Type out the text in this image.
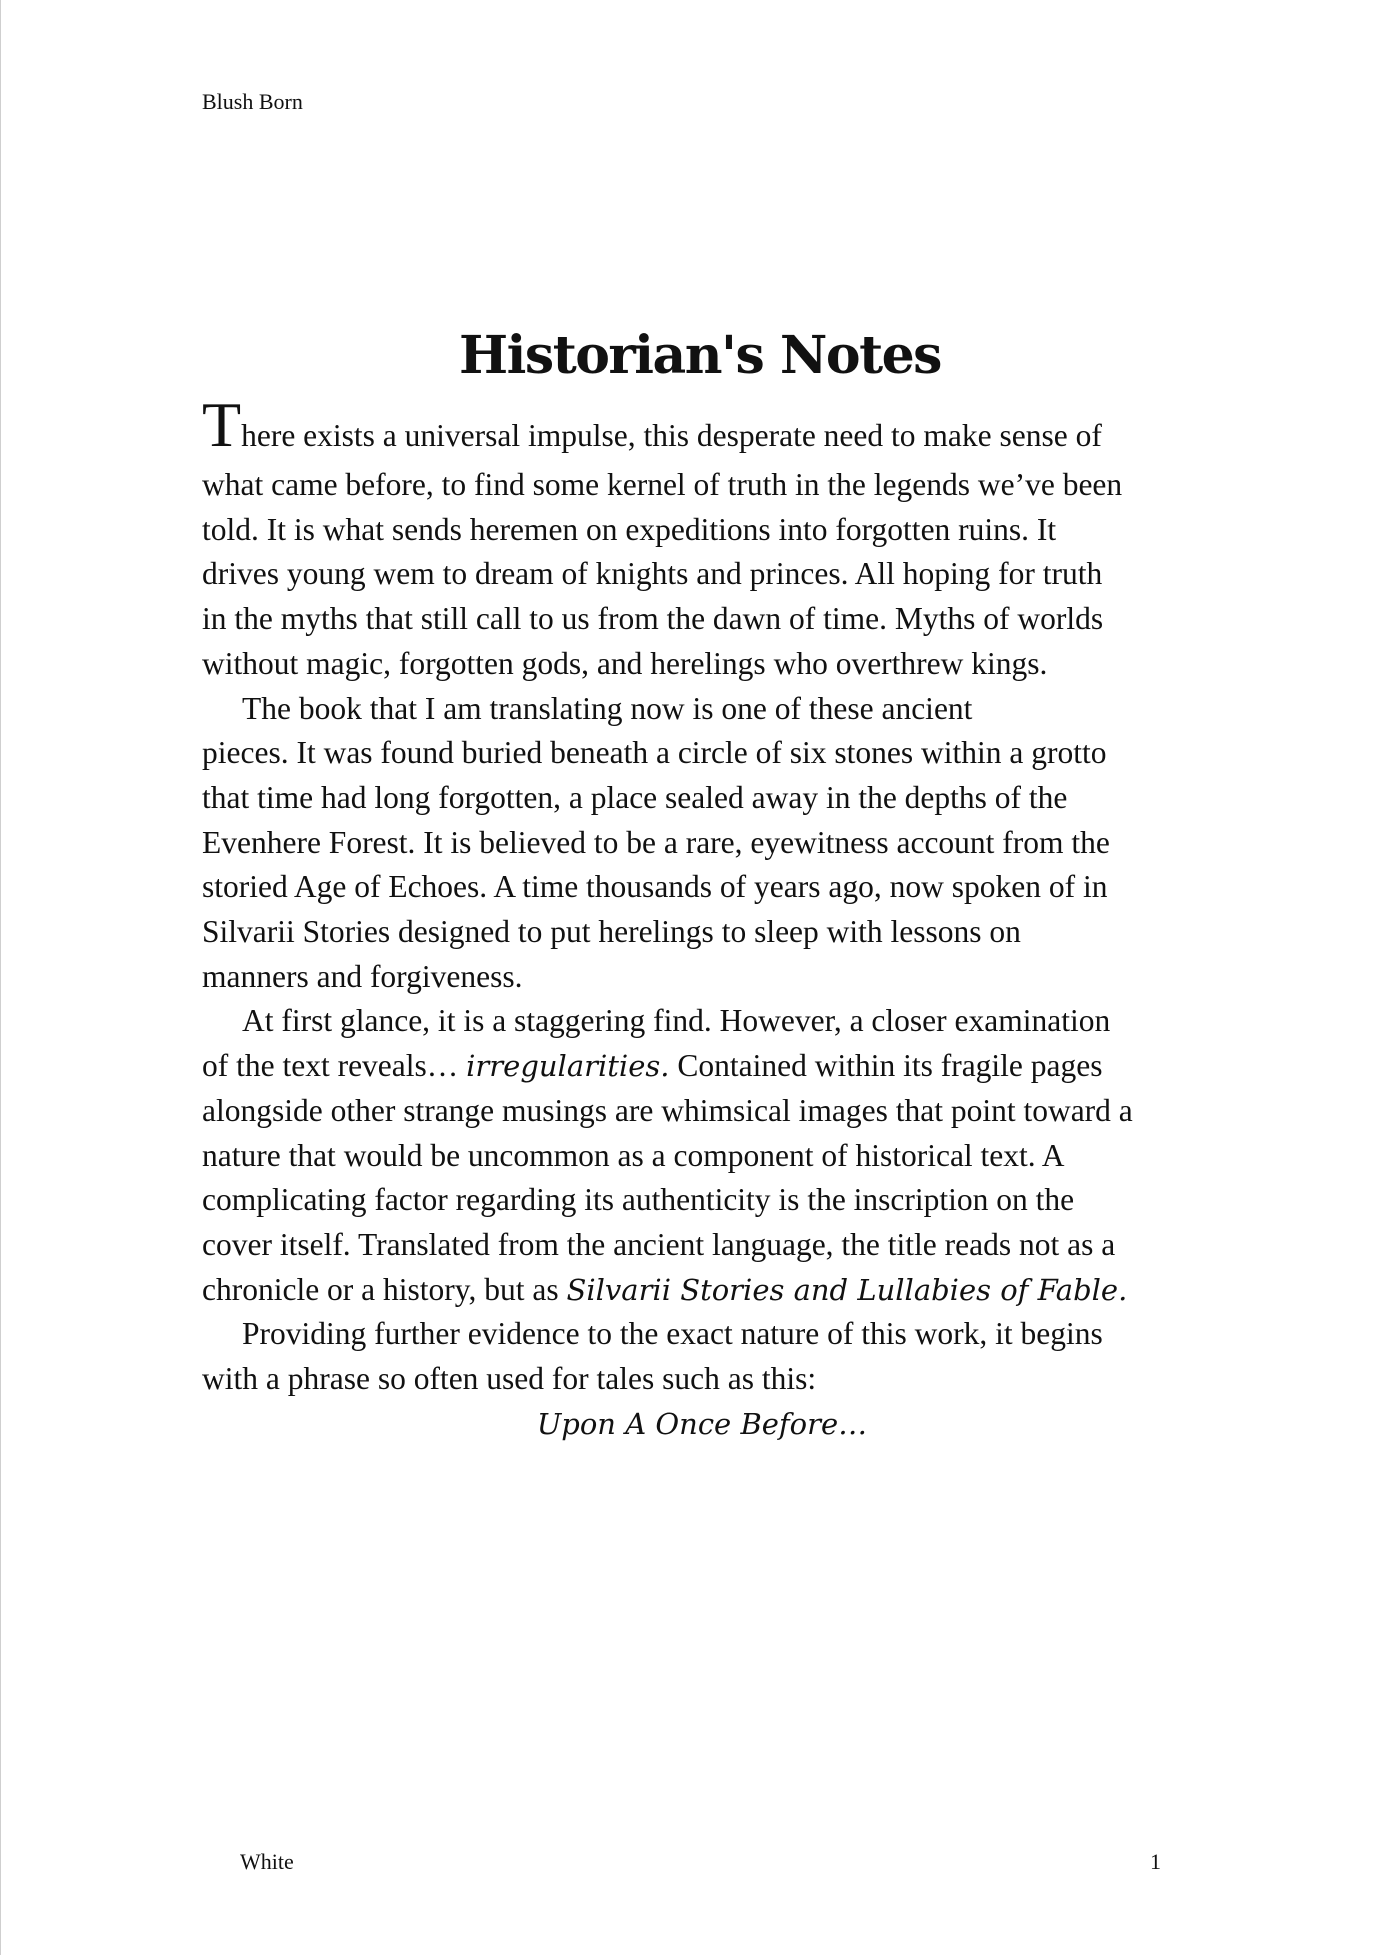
Blush Born
Historian's Notes
There exists a universal impulse, this desperate need to make sense of
what came before, to find some kernel of truth in the legends we’ve been
told. It is what sends heremen on expeditions into forgotten ruins. It
drives young wem to dream of knights and princes. All hoping for truth
in the myths that still call to us from the dawn of time. Myths of worlds
without magic, forgotten gods, and herelings who overthrew kings.
The book that I am translating now is one of these ancient
pieces. It was found buried beneath a circle of six stones within a grotto
that time had long forgotten, a place sealed away in the depths of the
Evenhere Forest. It is believed to be a rare, eyewitness account from the
storied Age of Echoes. A time thousands of years ago, now spoken of in
Silvarii Stories designed to put herelings to sleep with lessons on
manners and forgiveness.
At first glance, it is a staggering find. However, a closer examination
of the text reveals… irregularities. Contained within its fragile pages
alongside other strange musings are whimsical images that point toward a
nature that would be uncommon as a component of historical text. A
complicating factor regarding its authenticity is the inscription on the
cover itself. Translated from the ancient language, the title reads not as a
chronicle or a history, but as Silvarii Stories and Lullabies of Fable.
Providing further evidence to the exact nature of this work, it begins
with a phrase so often used for tales such as this:
Upon A Once Before…
White	1
